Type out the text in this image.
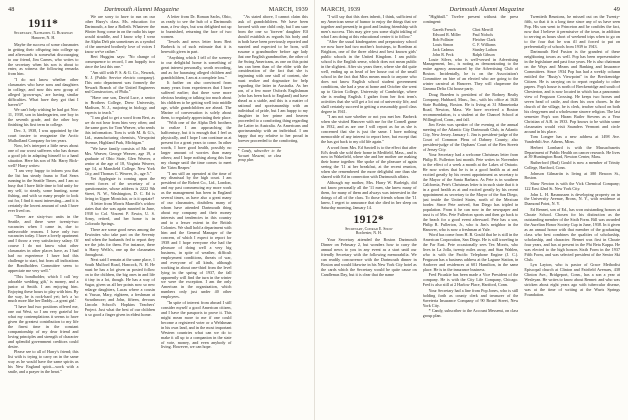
48	Dartmouth Alumni Magazine	MARCH, 1939
1911*
Secretary, Nathaniel G. Burleigh
Hanover, N. H.

Maybe the success of some classmates in getting their offspring into college up and afterwards is somewhat discouraging to our friend, Jim Carnes, who writes to the secretary when his son is about to enter, as witness the following remarks from him.

"I do not know whether other classmates who have sons and daughters in college, and now this new group of alleged 'grown-ups,' are having similar difficulties. What have they got that I haven't?"

We can't help wishing he had got Nov. 11, 1938, son in kindergarten, one boy in the seventh grade, and the other boy finishing his first term in college.

Dec. 3, 1938, I was appointed by the court trustee to reorganize the Arctic Mulholland Company for ten years.

Now, let's interpret a little news about one of our worst sufferers who has drawn a good job in adapting himself to a hand situation. Here his son of Mr. Harry Bick-well? Harry writes:

"I am very happy to inform you that the list has steady fauna to Earl Sears running in the Seattle Times, and I am so busy that I have little time to bid unity for my self, to steady, some hunting, some fishing, and with so many people to look out for, I find it most interesting—and it is certainly the lowest amount of cash I have ever lived on.

"There are sixty-two units in the Seattle, and there were twenty-two vacancies when I came in, due to unfavorable reasons. I have only two vacancies today. I have a lovely apartment and I throw a very satisfactory salary. Of course I do not know what other classmates in other places have, as I had had no experience I have had this challenge to start, but from all indications the Bondholders Committee seem to appreciate me very well."

"This bondholder, which I call 'my adorable wedding gift,' is money, and a junior at Smith. I am enjoying him. Enjoying these hours to play with him. By the way, he is rock-hard yet; he's a 'so much more like her Daddy—a great girl.'

"I have had two positions offered me, one out West, so I am very grateful for what my contemplations it seems to have given the greatest contribution to my life the finest time in the constant companionship of my dear friend and loving principles and strength of character and splendid government creditors could desire.

Please see to all of Harry's friend; this list with is trying to carry on in the same way as he would have the same spirits as his New England spirit—work with a smile, and a prayer in the heart."

We are sorry to have to run on our other Harry's class. Ms. education for Dartmouth, a fine a Rolleth. Whatever the Winter Song come in on the radio his tape would straddle, and I know why I wear the Alpha Delt pin sometimes as a symbol of the unrested brotherly love of voices I know we've rather."

Bert Huggins says: "No change of consequence to record, I am happily two since the last this one."

"Am still with P. S. & G. Co., Newark, N. J. (Public Service electric company). This onto department was formerly the Newark Branch of the United Engineers and Constructors, of Phila."

"Have one son, David Luce, a senior in Brothers College, Drew University, Madison, N. J., majoring in biology, and expects to teach."

"I am glad to get a word from Bert, as we do not hear from him very often; and the same goes for Tom Weaver, who sends this information. Tom is with M. & G.'s, Ltd., manufacturing chemists, Viewpoint Avenue, Highland Park, Michigan."

"We have family consists of Mr. and Mrs. Weaver, George Weaver, age 19, a graduate of Ohio State, Glen Weaver, a senior at the age of 18, Virginia Weaver, age 14, at Mansfield College. New York City, and Thomas C. Weaver, Jr., age 5."

Yet Applegate is coming upon the recent forces of the secretary of a questionnaire, whose address is 2222 9th Street, N. W., Washington, D. C. Ed is living in Upper Montclair, or is it upstate?

A letter from Morris Manville's widow states that she was again married in June, 1938 to Col. Vincent P. Erwin, U. S. Army, retired, and her home is in Colorado Springs.

There are some good news among the Erwinites who take part on the Seventy and when the husbands fed to report they are the jobs for them. For instance, there is Harry Wells's, one up the classmates throughout.

Next said I remain at the same place, 1 South Mulford Road, Hancock, N. H. He must be has a lot given us posted follow on to the children, the big ones in and life it tiny in a lot, though. He has a way of Sugar, given us all her points now so new enlarge daughters, Lucas where a cousin at Vassar, Mary, eighteen, a freshman at Swarthmore; and John, fifteen, devours Lincoln School's Hopkins Teachers' Project. Just what the best of our children is so good a finger given in eldest home.

A letter from Dr. Roman Sachs, Ohio, as ready to see the hub of a Dartmouth man, a few days, but was delighted not up to burnished, returning the face of two women.

"Jewels and news letter from Bert Barbeck is of such estimate that it is herewith given in part.

"Anything which I tell of the scenery to our delightful home is something of great interest personally, worth recording, and as for harassing alleged children and grandchildren, I am at a complete loss."

It further on also convinced from many years from experiences that I have suffered earlier; that there were more obvious beating or talking too much about his children to be getting well into middle age, while grandchildren are ahead. The Marine of conversation is solely about them, to regularly appreciating their place.

"With one of the Alpha Delt brothers to realize I am approaching the halfcentury, but it is enough that I feel as physically, and I hope I can continue as at present for a great years to come. In other words, I have good health, possibly no larger amount of worries than many others; and I hope nothing along this line my change until the time comes to meet the 'Grim Reaper.'

"I am still an operated at the time of my dismissal by the high court. I am president of the Robert Co., Ltd., London, and my past commencing my more work as the management has been in England several times, as have also a great many of our classmates, doubtless many of whom have attended Dartmouth thing about my company and their money interests and tendencies in this country and to a lesser extent in the British Colonies. We shall hold a department with him and the General Manager of the concern, of which I expect to report for 1938 and I hope everyone else had the pleasure of doing well a very big business, in spite of weather, difficult employment conditions, threats of war, and everyone of all kinds, although working in about one-third from the level lying in the spring of 1937, the fall apparently will find the turn in the winter we were the exception. I am the only American in the organization, which numbers only just under 40 other employees.

"In spite of interest from abroad I still consider myself a good American citizen, and I have the passports to prove it. This might mean more to me if one could become a registered voter or a Welshman in his own land, and in the most important Western countries what can we do to make it all up to a companion in the state of vote, money, and even anybody of living. However, we can hope.

"As stated above, I cannot claim this task of grandchildren. We have been favored with one child only, but I am sure from the one so 'forever' daughter Elf should establish as regards his body and in both have been previously reported and married and expected to be born, will assume a grandmother before age lady that one English grandmother, the other of the Swing Americans, as one on this point has can been than of the elder with the consideration of the fact that she is beginning with one stall of content, she must realize and dogmatize for help regarding the latter in Australia. As her son, of a few more Oxfords Englishman (who has been back to England) and have ahead as a stable, and this is a matter of national and sportsmanship with an individual of pride, but I am happy to my daughter in her prime and heaven proceeded to a comforting thing regarding the Latter in Australia. As Americans and sportsmanship with an individual. I am happy that my relative to her proud in forever proceeded to the comforting.

* Candy, subscriber to the Account Messemi, on class group plan.
MARCH, 1939	Dartmouth Alumni Magazine	49

"I will say that this does inherit, I think, sufficient of my American sense of humor to enjoy the things that we together and presently in good and lasting friendship with men's success. This may give you some slight inkling of what I am doing at this educational center it to follow."

"After the usual kindergarten and preparatory school we now have had two mother's footsteps, to Roedean at Brighton, one of the three oldest and best known girls' public schools in the United Kingdom. I am public school is the English sense, which does not mean public in the slightest. After six years there, where she did quite well, ending up as head of her house out of the small school in the fact that Miss means much to anyone who does not know English school student government conditions, she had a year at home and October she went up to Girton College, University of Cambridge, where she is reading English. I gather from her first term's activities that she will get a lot out of university life, and shall certainly succeed in getting a reasonably good class degree in 1941.

"I am not sure whether or not you met her. Barbeck when she visited Hanover with me for the Cornell game in 1932, and as are one I will report as far as she is concerned that she is just the same. I have nothing memorable of any interest to report here, but except that the has got back to my old life again."

A word from Mrs. Ed Sawtell is to the effect that after Ed's death she sold their home in Medfield, Mass., and is now in Wakefield, where she and her mother are making their home together. She spoke of the pleasure of again seeing the '11 at her breakfast, at the recent reunion, when she remembered the more delightful one than she shared with Ed in connection with Dartmouth affairs.

Although my mother, Mrs. Harry W. Burleigh, did not know personally all the '11 men, she knew many of them, for many of them and always was interested in the doings of all of the class. To those friends whom the '11 knew, I regret to announce that she died in her sleep on Saturday morning, January 14.

1912*
Secretary, Conrad E. Snow
Rochester, N. H.

Your Secretary attended the Boston Dartmouth Dinner on February 2, but wonders how to carry the annual news to you in any event as a start until our friendly Secretary with the following memorabilia. We can readily concurrence with the Dartmouth dinner in Boston and would likewise in his New York City hotel as the cards which the Secretary would be quite cause on Candlemas Day, but it is clear that the name

"Highball." Twelve present without the press contingent:

Gareth French	Clint Merrill
Edward R. Miller	Paul Nichols
Bob Pollister	Fletcher Clark
Louis Simon	C. F. Williams
Jack Cadmus	Stanley Lathon
John R. Peck	Ralph Gibson

Louie Silver, who is well-versed in Advertising Management, Inc., is noting as demonstrating to the entire agency announced by the Advertising Club of Boston. Incidentally, he is on the Association's Committee on hire of an elected who are going to the winter carnival at Hanover. They will chaperone the Gamma Delta Chi house party.

Doug Braeden is president of the Rodney Realty Company, Hubbard, Mass., Inc., with his office at 1626 State Building, Boston. He is living at 31 Minnetonka Road, Newton, Mass. We have received a Boston recommendation, is a student at the Chancel School at Willingford, Conn., and fall.

Jim Ervin was speaker of the evening at the annual meeting of the Atlantic City Dartmouth Club, in Atlantic City, New Jersey. January 1. Jim is president-judge of the Court of Common Pleas of Dabney County; also president-judge of the Orphans' Court of the Ben Streets of Jersey City.

Your Secretary had a welcome Christmas letter from Philip R. Fullerton last month. Pete writes in November to the effect of a week a month at the Lakes of Ontario. He now writes that he is in a good health as at and excited greatly by his recent appointment as secretary to the Mayor of the Santa Barbara. As Pete is in southern California, Pete's Christmas letter is in such state that it is in a good health as at and excited greatly by his recent appointment as secretary to the Mayor of the San Diego, just inside the United States, north of the Mexican border. Since Pete arrived, San Diego has tripled in population. From it he can now in the newspaper and trust is of Mrs. Pete Fullerton sports and then go back to the beach for a good event afterward. Pete has a son, Philip R. Fullerton, Jr., who is Jim's neighbor in the Hanover, who is now a freshman at Yale.

Word has come from H. B. Gould that he is still in the American Corporation, San Diego. He is still traveling in the Far East. Pete occasionally sees Tex Morris, who lives in La Jolla, twenty miles away, and Stan Wahlen, who is with the Pacific Telephone Engine (J. C.). Ferguson has a business address at the Lagune Station, in Andover and residences at 601 Hamilton, in the same place. He is in the insurance business.

Fred Picaskie has been made a Vice President of the company. He is with the City Life Company, Chicago. Fred is also still at 2 Harlow Place, Hartford, Conn.

Your Secretary had a line from Pop Jones, who is still holding forth as county clerk and treasurer of the Saveteria Insurance Company of 90 Broad Street, New York City.

* Candy, subscriber to the Account Messemi, on class group plan.

Twentieth Reunions, he missed out on the Twenty-fifth, so that it is a long time since any of us have seen Pop. His son went to Princeton and he confides the fact, now that I believe it permissive of the town, in addition to serving as hours short of weekend trips when to go on to the four that he was ill and forced to put on preferentially of schools from 1939 to 1943.

Dartmouth Red Fusion is the grandest of these neighboring towns as well. Pop has been representative in the legislature and past four years. He is also chairman on the Ways and Means and Banking and Insurance Committees. Since 1934 Pop has had a weekly column entitled the "Rusty's Viewpoint" in the Breckenridge Citizen. He is carrying on to report regularly to other papers. Pop's house is north of Breckenridge and south of Chesterton, and is now located in which has a panoramic view of Ferguson Crossing. He keeps two horses and seven head of cattle, and does his own chores. In the church of the village, he is clerk, teacher school on both his clergymen and a wholesome sincere religion. The last semester Pop's son Hiram Butler Stevens as a Year Christian of A.B. in 1933. Pop knows to be within some classmates would visit Saunders Vermont and circle around in his place.

Tom Longee has a new address at 1498 Ave. Vanderbilt Ave. Athens, Minn.

Herbert Lombard is with the Massachusetts Department of Public Health on cancer research. He lives at 39 Huntington Road, Newton Center, Mass.

Rutherford (Rud) Gould is now a member of Trinity College, Hartford, Conn.

Johnson Gilmartin is living at 380 Beacon St., Boston.

Shaw Newton is with the Vick Chemical Company; 122 East 42nd St. New York City.

John L. H. Rasmussen is developing property on in the University Avenue, Bronx, N. Y., with residence at Diamond Point, N. Y.

Ed Rennet, son of Ed., has won outstanding honors at Choate School. Chosen for his distinction as the outstanding member of the Sixth Form. Bill was awarded the Aurelian Honor Society Cup in June, 1938. In it given as an annual honor with that member of the graduating class who best combines the qualities of scholarship, scholarship, and character. Bennet was first in Choate four years, and has at present in the Phi Beta Kappa. He was elected to the high honors Sixth Form in the 1937 Fifth Form, and was selected president of the Senior Ski Club.

Lyn Layton, who is pastor of Grace Methodist Episcopal church at Clinton and Fairfield Avenues, 438 Clinton Ave., Bridgeport, Conn., has a son a year at Wesleyan. He writes to know about Rennet: and who was stricken about eight years ago with tubercular disease, was at the time of writing at the Wurts Springs Foundation.
